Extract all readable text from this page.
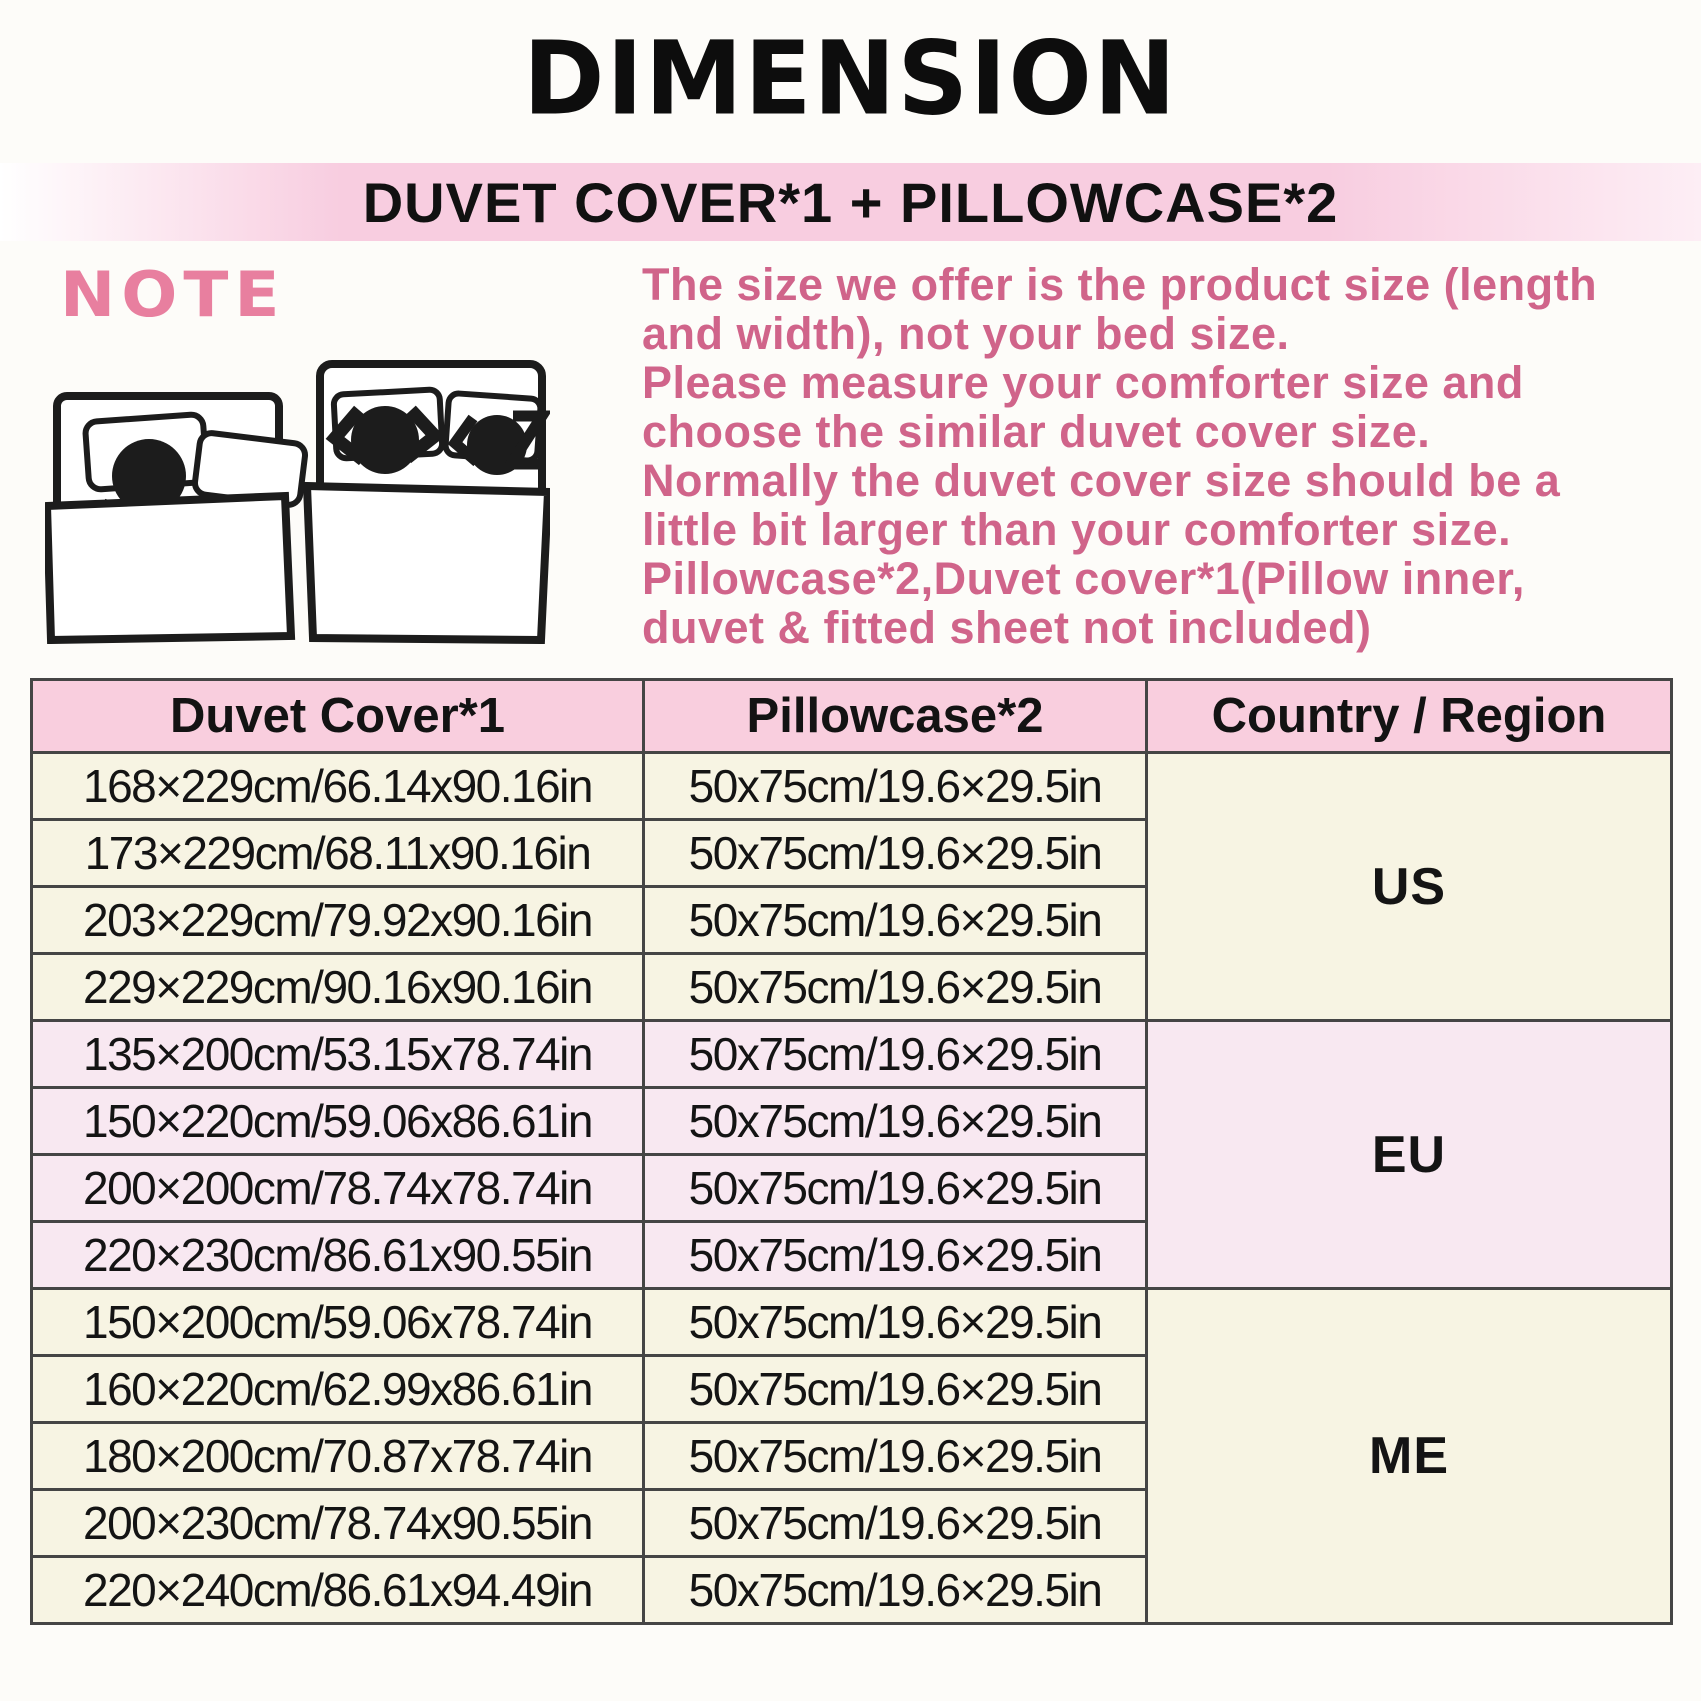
DIMENSION
DUVET COVER*1 + PILLOWCASE*2
NOTE	The size we offer is the product size (length
and width), not your bed size.
Please measure your comforter size and
choose the similar duvet cover size.
Normally the duvet cover size should be a
little bit larger than your comforter size.
Pillowcase*2,Duvet cover*1(Pillow inner,
duvet & fitted sheet not included)
Duvet Cover*1	Pillowcase*2	Country / Region
168×229cm/66.14x90.16in	50x75cm/19.6×29.5in	US
173×229cm/68.11x90.16in	50x75cm/19.6×29.5in	
203×229cm/79.92x90.16in	50x75cm/19.6×29.5in	
229×229cm/90.16x90.16in	50x75cm/19.6×29.5in	
135×200cm/53.15x78.74in	50x75cm/19.6×29.5in	EU
150×220cm/59.06x86.61in	50x75cm/19.6×29.5in	
200×200cm/78.74x78.74in	50x75cm/19.6×29.5in	
220×230cm/86.61x90.55in	50x75cm/19.6×29.5in	
150×200cm/59.06x78.74in	50x75cm/19.6×29.5in	ME
160×220cm/62.99x86.61in	50x75cm/19.6×29.5in	
180×200cm/70.87x78.74in	50x75cm/19.6×29.5in	
200×230cm/78.74x90.55in	50x75cm/19.6×29.5in	
220×240cm/86.61x94.49in	50x75cm/19.6×29.5in	
